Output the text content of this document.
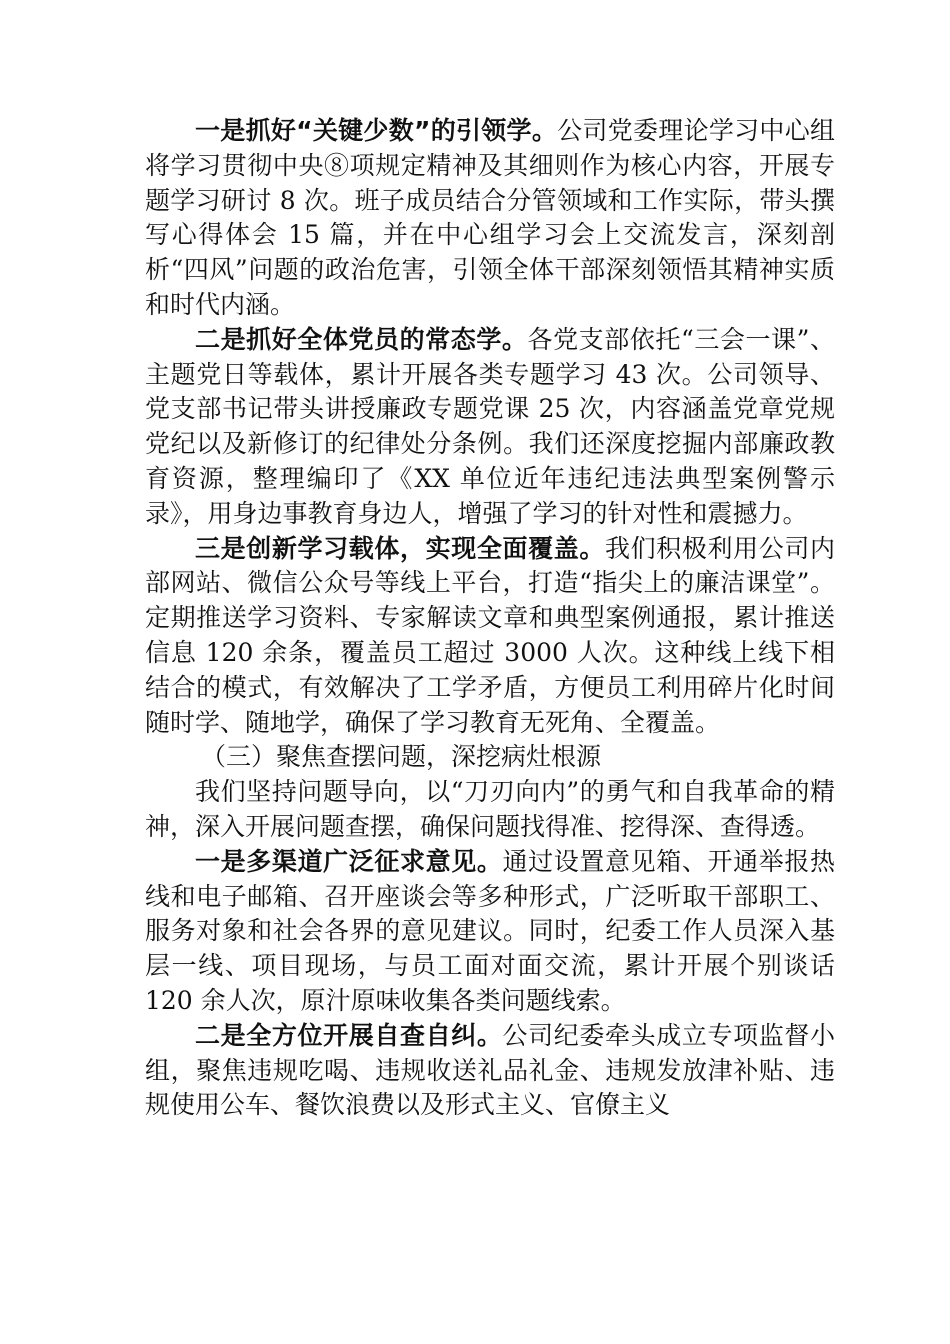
一是抓好“关键少数”的引领学。公司党委理论学习中心组将学习贯彻中央⑧项规定精神及其细则作为核心内容，开展专题学习研讨 8 次。班子成员结合分管领域和工作实际，带头撰写心得体会 15 篇，并在中心组学习会上交流发言，深刻剖析“四风”问题的政治危害，引领全体干部深刻领悟其精神实质和时代内涵。

二是抓好全体党员的常态学。各党支部依托“三会一课”、主题党日等载体，累计开展各类专题学习 43 次。公司领导、党支部书记带头讲授廉政专题党课 25 次，内容涵盖党章党规党纪以及新修订的纪律处分条例。我们还深度挖掘内部廉政教育资源，整理编印了《XX 单位近年违纪违法典型案例警示录》，用身边事教育身边人，增强了学习的针对性和震撼力。

三是创新学习载体，实现全面覆盖。我们积极利用公司内部网站、微信公众号等线上平台，打造“指尖上的廉洁课堂”。定期推送学习资料、专家解读文章和典型案例通报，累计推送信息 120 余条，覆盖员工超过 3000 人次。这种线上线下相结合的模式，有效解决了工学矛盾，方便员工利用碎片化时间随时学、随地学，确保了学习教育无死角、全覆盖。

（三）聚焦查摆问题，深挖病灶根源

我们坚持问题导向，以“刀刃向内”的勇气和自我革命的精神，深入开展问题查摆，确保问题找得准、挖得深、查得透。

一是多渠道广泛征求意见。通过设置意见箱、开通举报热线和电子邮箱、召开座谈会等多种形式，广泛听取干部职工、服务对象和社会各界的意见建议。同时，纪委工作人员深入基层一线、项目现场，与员工面对面交流，累计开展个别谈话 120 余人次，原汁原味收集各类问题线索。

二是全方位开展自查自纠。公司纪委牵头成立专项监督小组，聚焦违规吃喝、违规收送礼品礼金、违规发放津补贴、违规使用公车、餐饮浪费以及形式主义、官僚主义
